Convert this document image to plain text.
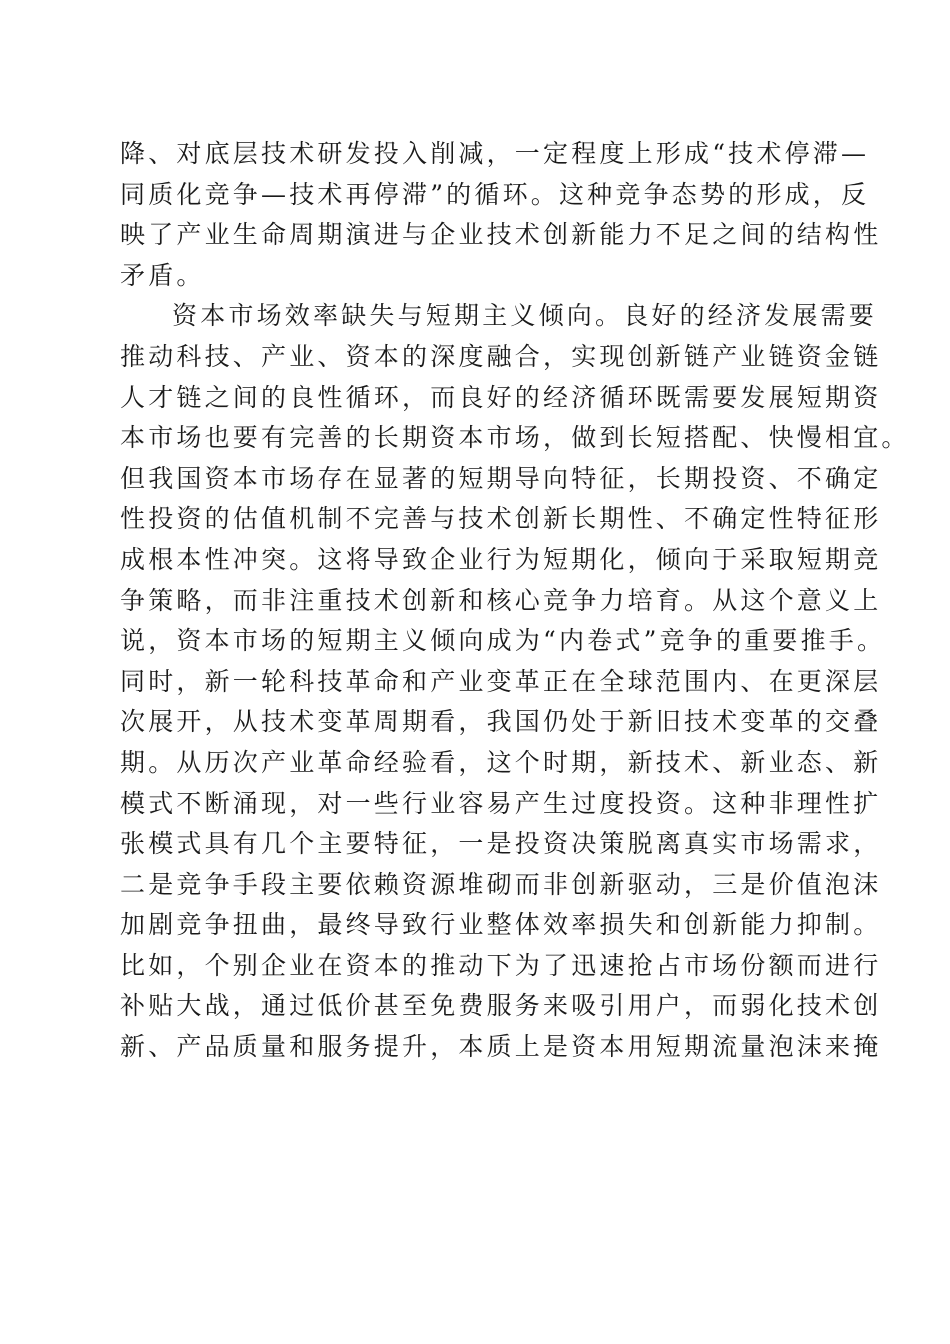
降、对底层技术研发投入削减，一定程度上形成“技术停滞—
同质化竞争—技术再停滞”的循环。这种竞争态势的形成，反
映了产业生命周期演进与企业技术创新能力不足之间的结构性
矛盾。
资本市场效率缺失与短期主义倾向。良好的经济发展需要
推动科技、产业、资本的深度融合，实现创新链产业链资金链
人才链之间的良性循环，而良好的经济循环既需要发展短期资
本市场也要有完善的长期资本市场，做到长短搭配、快慢相宜。
但我国资本市场存在显著的短期导向特征，长期投资、不确定
性投资的估值机制不完善与技术创新长期性、不确定性特征形
成根本性冲突。这将导致企业行为短期化，倾向于采取短期竞
争策略，而非注重技术创新和核心竞争力培育。从这个意义上
说，资本市场的短期主义倾向成为“内卷式”竞争的重要推手。
同时，新一轮科技革命和产业变革正在全球范围内、在更深层
次展开，从技术变革周期看，我国仍处于新旧技术变革的交叠
期。从历次产业革命经验看，这个时期，新技术、新业态、新
模式不断涌现，对一些行业容易产生过度投资。这种非理性扩
张模式具有几个主要特征，一是投资决策脱离真实市场需求，
二是竞争手段主要依赖资源堆砌而非创新驱动，三是价值泡沫
加剧竞争扭曲，最终导致行业整体效率损失和创新能力抑制。
比如，个别企业在资本的推动下为了迅速抢占市场份额而进行
补贴大战，通过低价甚至免费服务来吸引用户，而弱化技术创
新、产品质量和服务提升，本质上是资本用短期流量泡沫来掩
